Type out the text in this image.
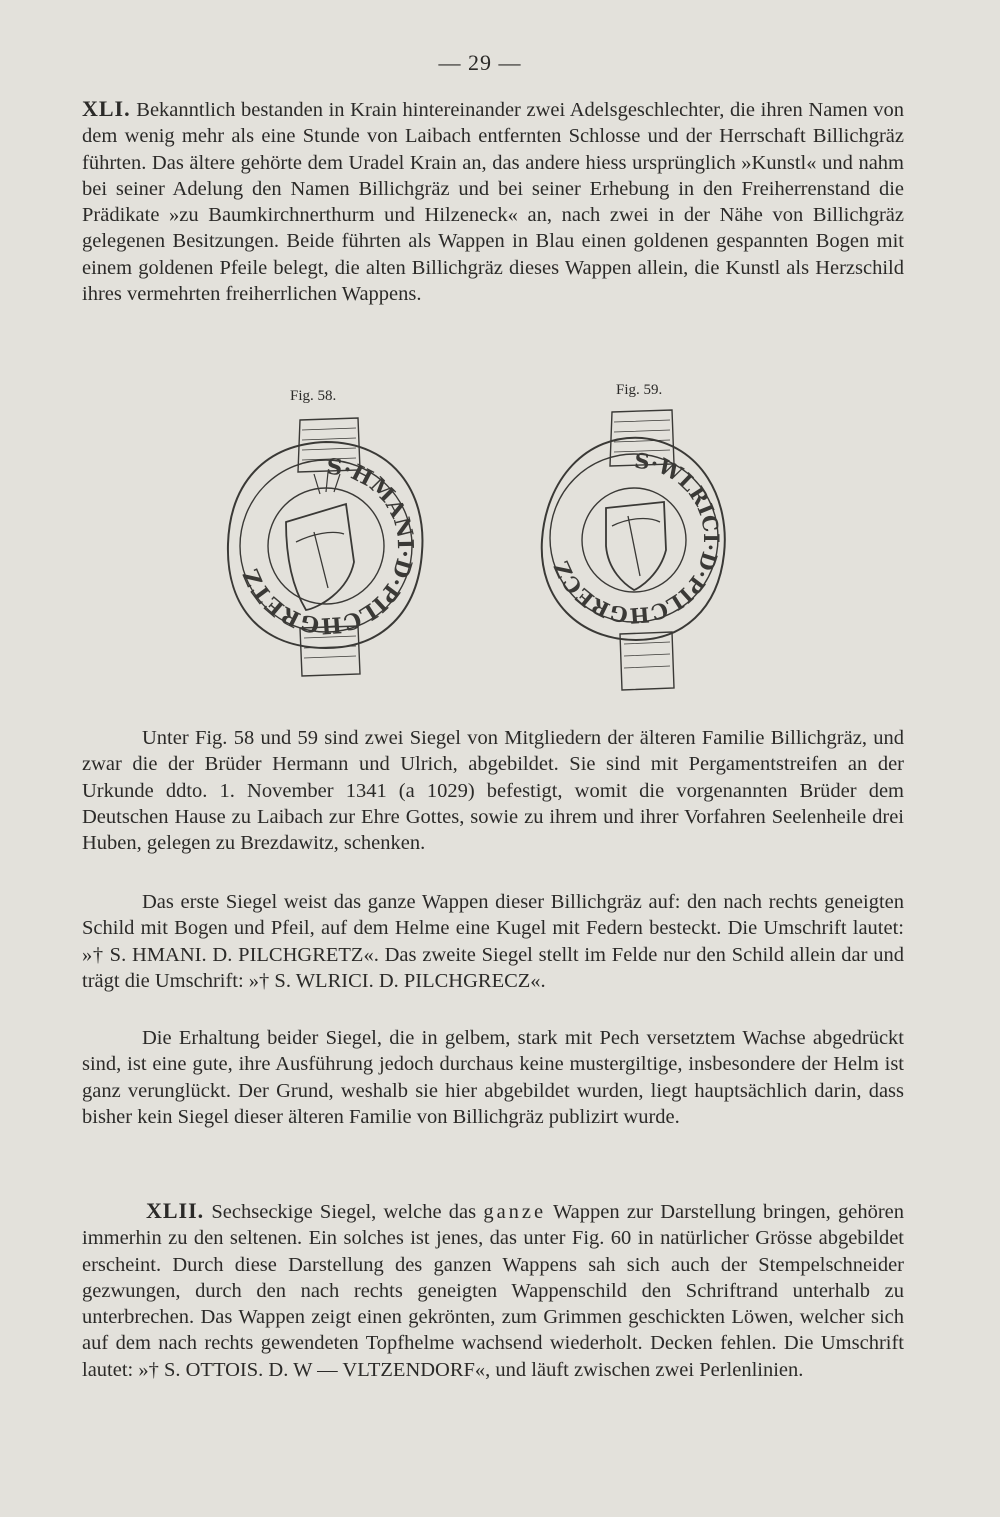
— 29 —

XLI. Bekanntlich bestanden in Krain hintereinander zwei Adelsgeschlechter, die ihren Namen von dem wenig mehr als eine Stunde von Laibach entfernten Schlosse und der Herrschaft Billichgräz führten. Das ältere gehörte dem Uradel Krain an, das andere hiess ursprünglich »Kunstl« und nahm bei seiner Adelung den Namen Billichgräz und bei seiner Erhebung in den Freiherrenstand die Prädikate »zu Baumkirchnerthurm und Hilzeneck« an, nach zwei in der Nähe von Billichgräz gelegenen Besitzungen. Beide führten als Wappen in Blau einen goldenen gespannten Bogen mit einem goldenen Pfeile belegt, die alten Billichgräz dieses Wappen allein, die Kunstl als Herzschild ihres vermehrten freiherrlichen Wappens.

Fig. 58.
S·HMANI·D·PILCHGRETZ
Fig. 59.
S·WLRICI·D·PILCHGRECZ

Unter Fig. 58 und 59 sind zwei Siegel von Mitgliedern der älteren Familie Billichgräz, und zwar die der Brüder Hermann und Ulrich, abgebildet. Sie sind mit Pergamentstreifen an der Urkunde ddto. 1. November 1341 (a 1029) befestigt, womit die vorgenannten Brüder dem Deutschen Hause zu Laibach zur Ehre Gottes, sowie zu ihrem und ihrer Vorfahren Seelenheile drei Huben, gelegen zu Brezdawitz, schenken.

Das erste Siegel weist das ganze Wappen dieser Billichgräz auf: den nach rechts geneigten Schild mit Bogen und Pfeil, auf dem Helme eine Kugel mit Federn besteckt. Die Umschrift lautet: »† S. HMANI. D. PILCHGRETZ«. Das zweite Siegel stellt im Felde nur den Schild allein dar und trägt die Umschrift: »† S. WLRICI. D. PILCHGRECZ«.

Die Erhaltung beider Siegel, die in gelbem, stark mit Pech versetztem Wachse abgedrückt sind, ist eine gute, ihre Ausführung jedoch durchaus keine mustergiltige, insbesondere der Helm ist ganz verunglückt. Der Grund, weshalb sie hier abgebildet wurden, liegt hauptsächlich darin, dass bisher kein Siegel dieser älteren Familie von Billichgräz publizirt wurde.

XLII. Sechseckige Siegel, welche das ganze Wappen zur Darstellung bringen, gehören immerhin zu den seltenen. Ein solches ist jenes, das unter Fig. 60 in natürlicher Grösse abgebildet erscheint. Durch diese Darstellung des ganzen Wappens sah sich auch der Stempelschneider gezwungen, durch den nach rechts geneigten Wappenschild den Schriftrand unterhalb zu unterbrechen. Das Wappen zeigt einen gekrönten, zum Grimmen geschickten Löwen, welcher sich auf dem nach rechts gewendeten Topfhelme wachsend wiederholt. Decken fehlen. Die Umschrift lautet: »† S. OTTOIS. D. W — VLTZENDORF«, und läuft zwischen zwei Perlenlinien.
